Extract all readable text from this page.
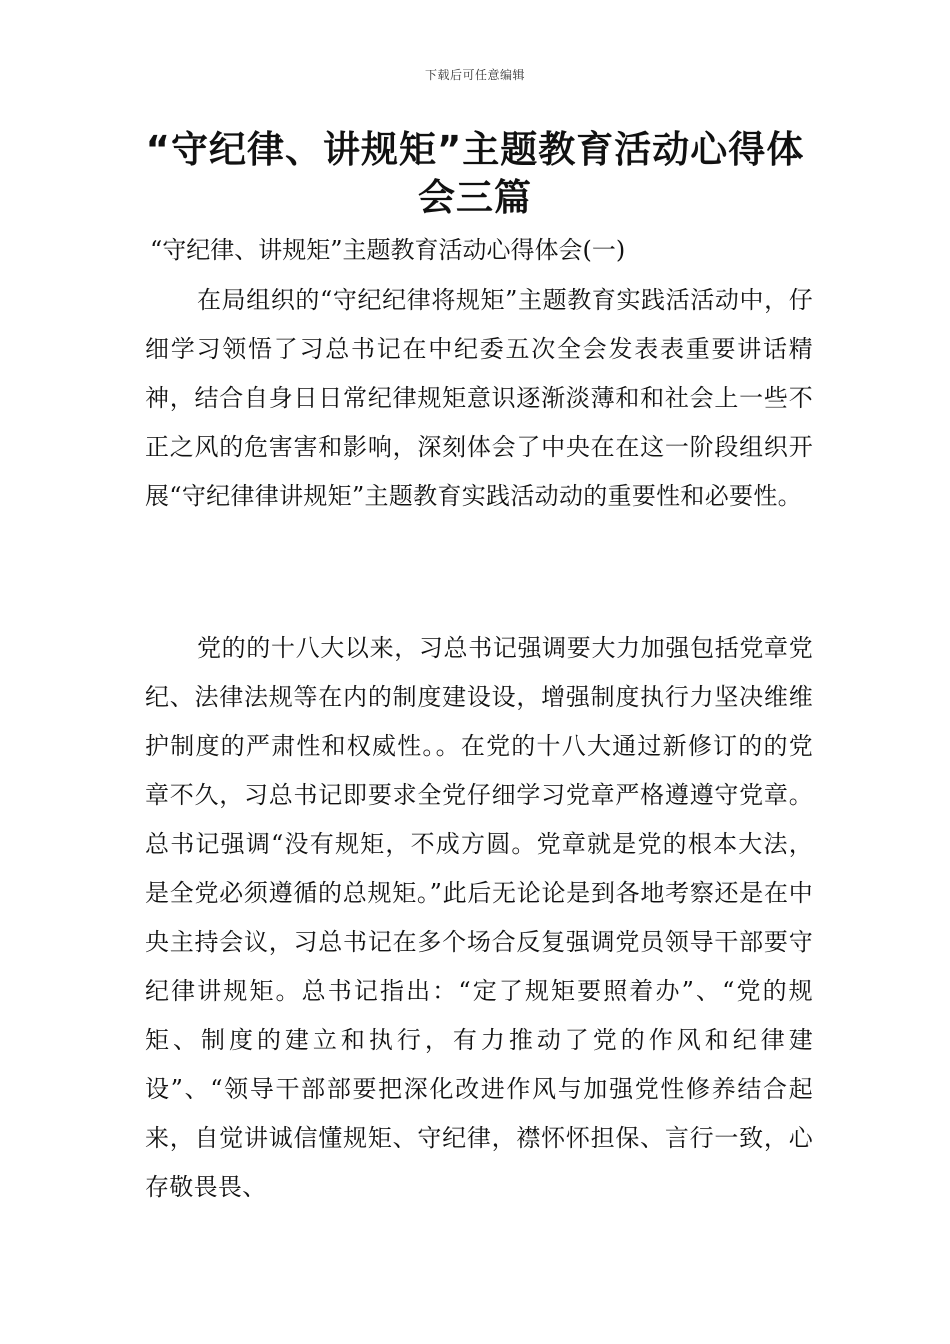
下载后可任意编辑
“守纪律、讲规矩”主题教育活动心得体会三篇

“守纪律、讲规矩”主题教育活动心得体会(一)

在局组织的“守纪纪律将规矩”主题教育实践活活动中，仔细学习领悟了习总书记在中纪委五次全会发表表重要讲话精神，结合自身日日常纪律规矩意识逐渐淡薄和和社会上一些不正之风的危害害和影响，深刻体会了中央在在这一阶段组织开展“守纪律律讲规矩”主题教育实践活动动的重要性和必要性。

党的的十八大以来，习总书记强调要大力加强包括党章党纪、法律法规等在内的制度建设设，增强制度执行力坚决维维护制度的严肃性和权威性。。在党的十八大通过新修订的的党章不久，习总书记即要求全党仔细学习党章严格遵遵守党章。总书记强调“没有规矩，不成方圆。党章就是党的根本大法，是全党必须遵循的总规矩。”此后无论论是到各地考察还是在中央主持会议，习总书记在多个场合反复强调党员领导干部要守纪律讲规矩。总书记指出：“定了规矩要照着办”、“党的规矩、制度的建立和执行，有力推动了党的作风和纪律建设”、“领导干部部要把深化改进作风与加强党性修养结合起来，自觉讲诚信懂规矩、守纪律，襟怀怀担保、言行一致，心存敬畏畏、
